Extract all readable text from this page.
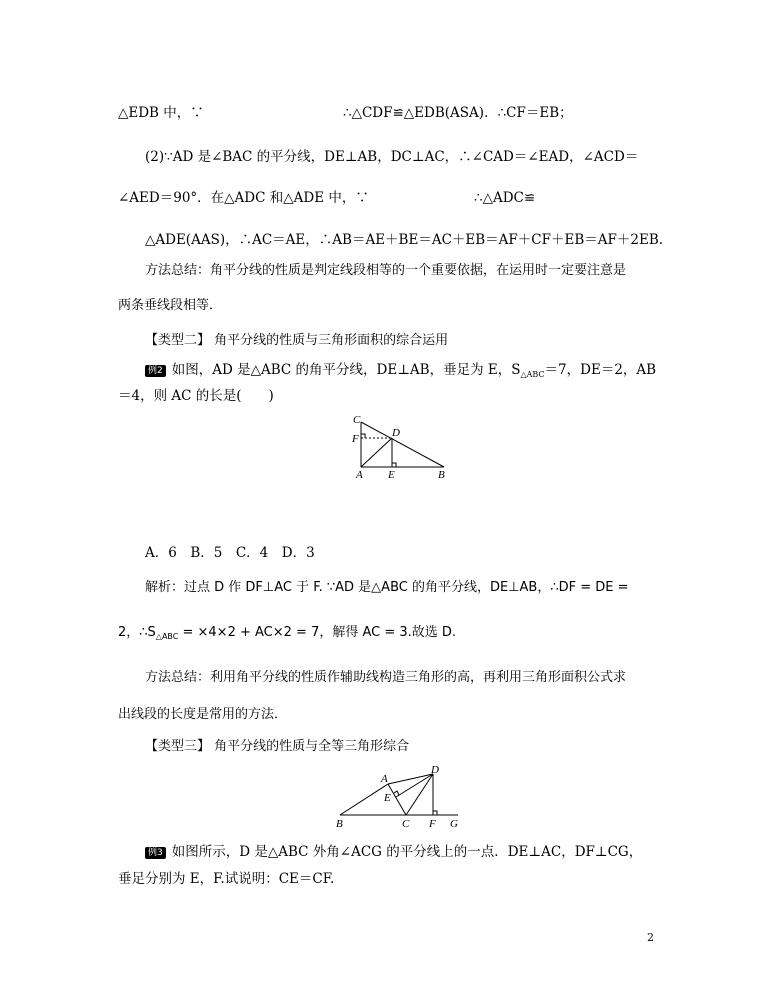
△EDB 中，∵	∴△CDF≌△EDB(ASA)．∴CF＝EB；
(2)∵AD 是∠BAC 的平分线，DE⊥AB，DC⊥AC，∴∠CAD＝∠EAD，∠ACD＝
∠AED＝90°．在△ADC 和△ADE 中，∵	∴△ADC≌
△ADE(AAS)，∴AC＝AE，∴AB＝AE＋BE＝AC＋EB＝AF＋CF＋EB＝AF＋2EB.
方法总结：角平分线的性质是判定线段相等的一个重要依据，在运用时一定要注意是
两条垂线段相等．
【类型二】 角平分线的性质与三角形面积的综合运用
例2 如图，AD 是△ABC 的角平分线，DE⊥AB，垂足为 E，$S_{\triangle ABC}=7$，DE＝2，AB
＝4，则 AC 的长是(　　)
C
F	D
A E	B
A．6　B．5　C．4　D．3
解析：过点 D 作 DF⊥AC 于 F. ∵AD 是△ABC 的角平分线，DE⊥AB，∴DF = DE =
2，$\therefore S_{\triangle ABC} = \times 4\times 2 + AC\times 2 = 7$，解得 AC = 3.故选 D.
方法总结：利用角平分线的性质作辅助线构造三角形的高，再利用三角形面积公式求
出线段的长度是常用的方法．
【类型三】 角平分线的性质与全等三角形综合
A
D
E
B	C F G
例3 如图所示，D 是△ABC 外角∠ACG 的平分线上的一点．DE⊥AC，DF⊥CG，
垂足分别为 E，F.试说明：CE＝CF.
2
